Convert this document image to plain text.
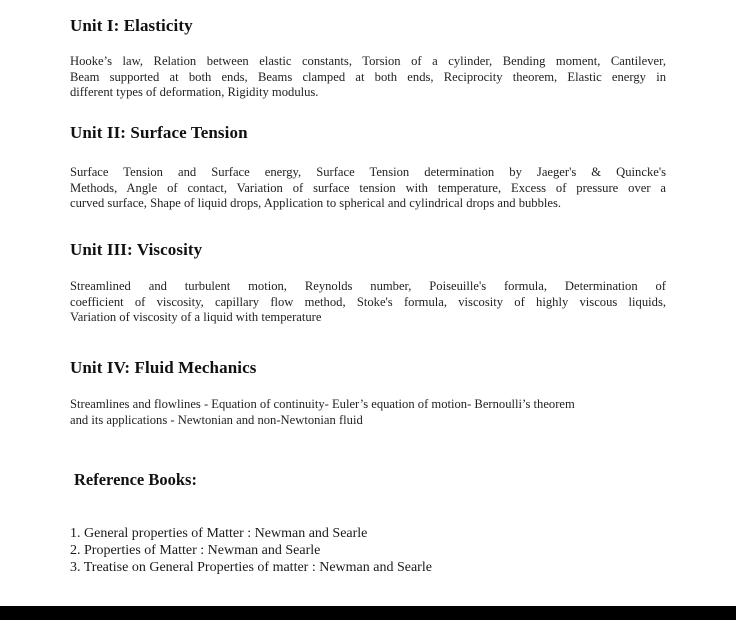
Unit I: Elasticity
Hooke’s law, Relation between elastic constants, Torsion of a cylinder, Bending moment, Cantilever,
Beam supported at both ends, Beams clamped at both ends, Reciprocity theorem, Elastic energy in
different types of deformation, Rigidity modulus.
Unit II: Surface Tension
Surface Tension and Surface energy, Surface Tension determination by Jaeger's & Quincke's
Methods, Angle of contact, Variation of surface tension with temperature, Excess of pressure over a
curved surface, Shape of liquid drops, Application to spherical and cylindrical drops and bubbles.
Unit III: Viscosity
Streamlined and turbulent motion, Reynolds number, Poiseuille's formula, Determination of
coefficient of viscosity, capillary flow method, Stoke's formula, viscosity of highly viscous liquids,
Variation of viscosity of a liquid with temperature
Unit IV: Fluid Mechanics
Streamlines and flowlines - Equation of continuity- Euler’s equation of motion- Bernoulli’s theorem
and its applications - Newtonian and non-Newtonian fluid
Reference Books:
1. General properties of Matter : Newman and Searle
2. Properties of Matter : Newman and Searle
3. Treatise on General Properties of matter : Newman and Searle
